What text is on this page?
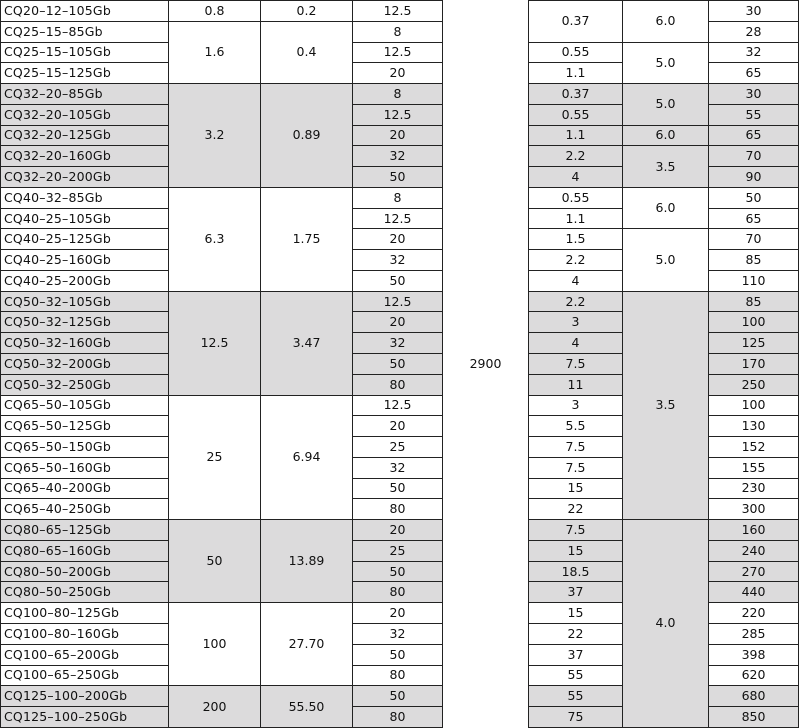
CQ20–12–105Gb	0.8	0.2	12.5	2900	0.37	6.0	30
CQ25–15–85Gb	1.6	0.4	8				28
CQ25–15–105Gb			12.5		0.55	5.0	32
CQ25–15–125Gb			20		1.1		65
CQ32–20–85Gb	3.2	0.89	8		0.37	5.0	30
CQ32–20–105Gb			12.5		0.55		55
CQ32–20–125Gb			20		1.1	6.0	65
CQ32–20–160Gb			32		2.2	3.5	70
CQ32–20–200Gb			50		4		90
CQ40–32–85Gb	6.3	1.75	8		0.55	6.0	50
CQ40–25–105Gb			12.5		1.1		65
CQ40–25–125Gb			20		1.5	5.0	70
CQ40–25–160Gb			32		2.2		85
CQ40–25–200Gb			50		4		110
CQ50–32–105Gb	12.5	3.47	12.5		2.2	3.5	85
CQ50–32–125Gb			20		3		100
CQ50–32–160Gb			32		4		125
CQ50–32–200Gb			50		7.5		170
CQ50–32–250Gb			80		11		250
CQ65–50–105Gb	25	6.94	12.5		3		100
CQ65–50–125Gb			20		5.5		130
CQ65–50–150Gb			25		7.5		152
CQ65–50–160Gb			32		7.5		155
CQ65–40–200Gb			50		15		230
CQ65–40–250Gb			80		22		300
CQ80–65–125Gb	50	13.89	20		7.5	4.0	160
CQ80–65–160Gb			25		15		240
CQ80–50–200Gb			50		18.5		270
CQ80–50–250Gb			80		37		440
CQ100–80–125Gb	100	27.70	20		15		220
CQ100–80–160Gb			32		22		285
CQ100–65–200Gb			50		37		398
CQ100–65–250Gb			80		55		620
CQ125–100–200Gb	200	55.50	50		55		680
CQ125–100–250Gb			80		75		850
